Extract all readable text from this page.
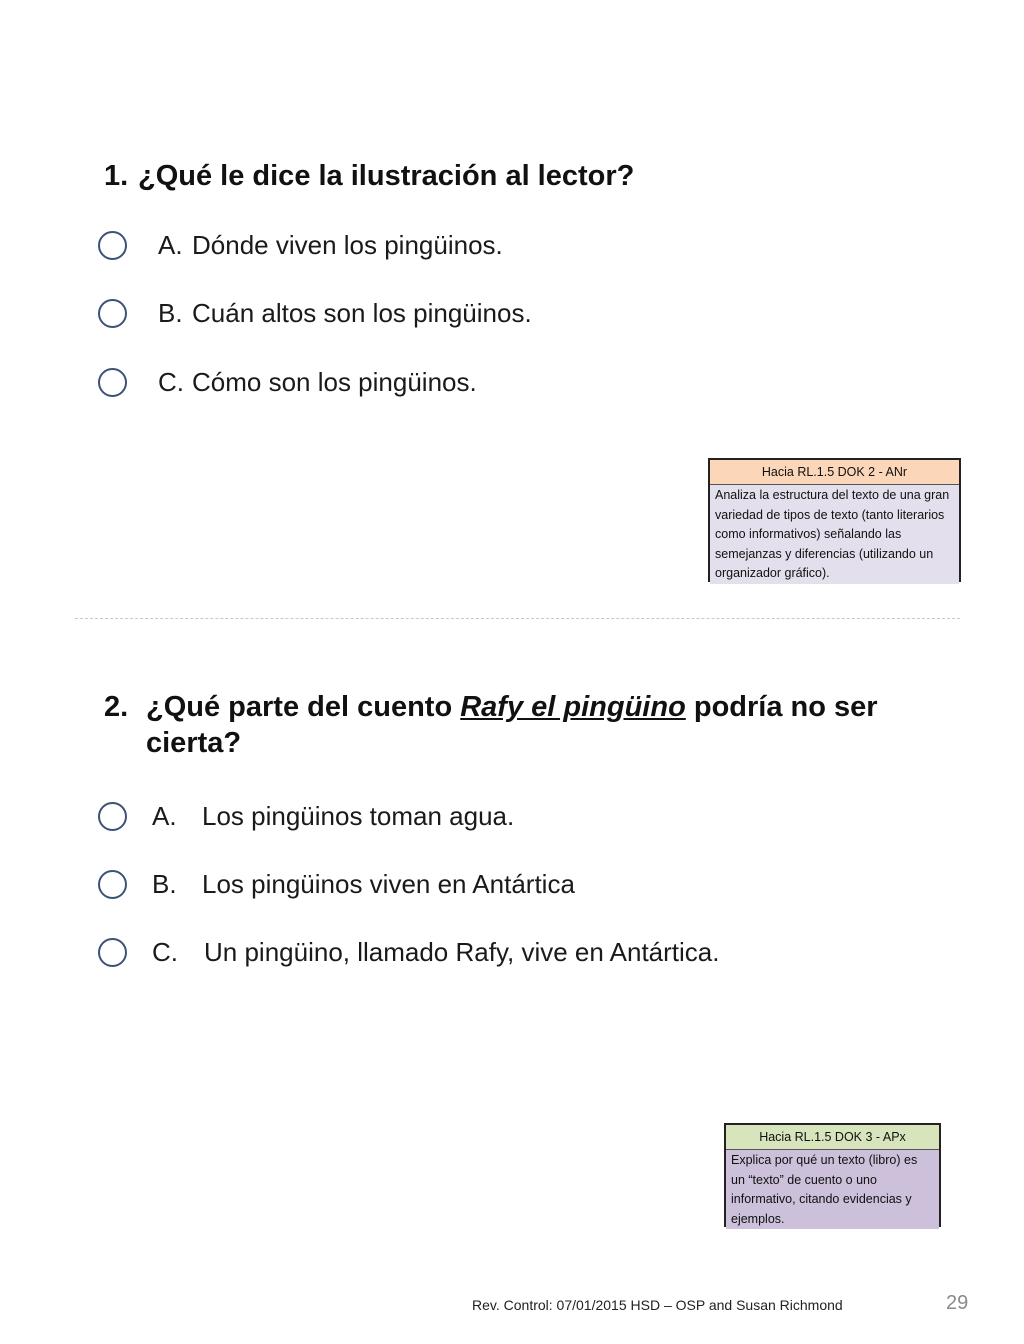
1. ¿Qué le dice la ilustración al lector?
A. Dónde viven los pingüinos.
B. Cuán altos son los pingüinos.
C. Cómo son los pingüinos.
Hacia RL.1.5 DOK 2 - ANr
Analiza la estructura del texto de una gran variedad de tipos de texto (tanto literarios como informativos) señalando las semejanzas y diferencias (utilizando un organizador gráfico).
2. ¿Qué parte del cuento Rafy el pingüino podría no ser cierta?
A. Los pingüinos toman agua.
B. Los pingüinos viven en Antártica
C.	Un pingüino, llamado Rafy, vive en Antártica.
Hacia RL.1.5 DOK 3 - APx
Explica por qué un texto (libro) es un “texto” de cuento o uno informativo, citando evidencias y ejemplos.
Rev. Control: 07/01/2015 HSD – OSP and Susan Richmond	29
